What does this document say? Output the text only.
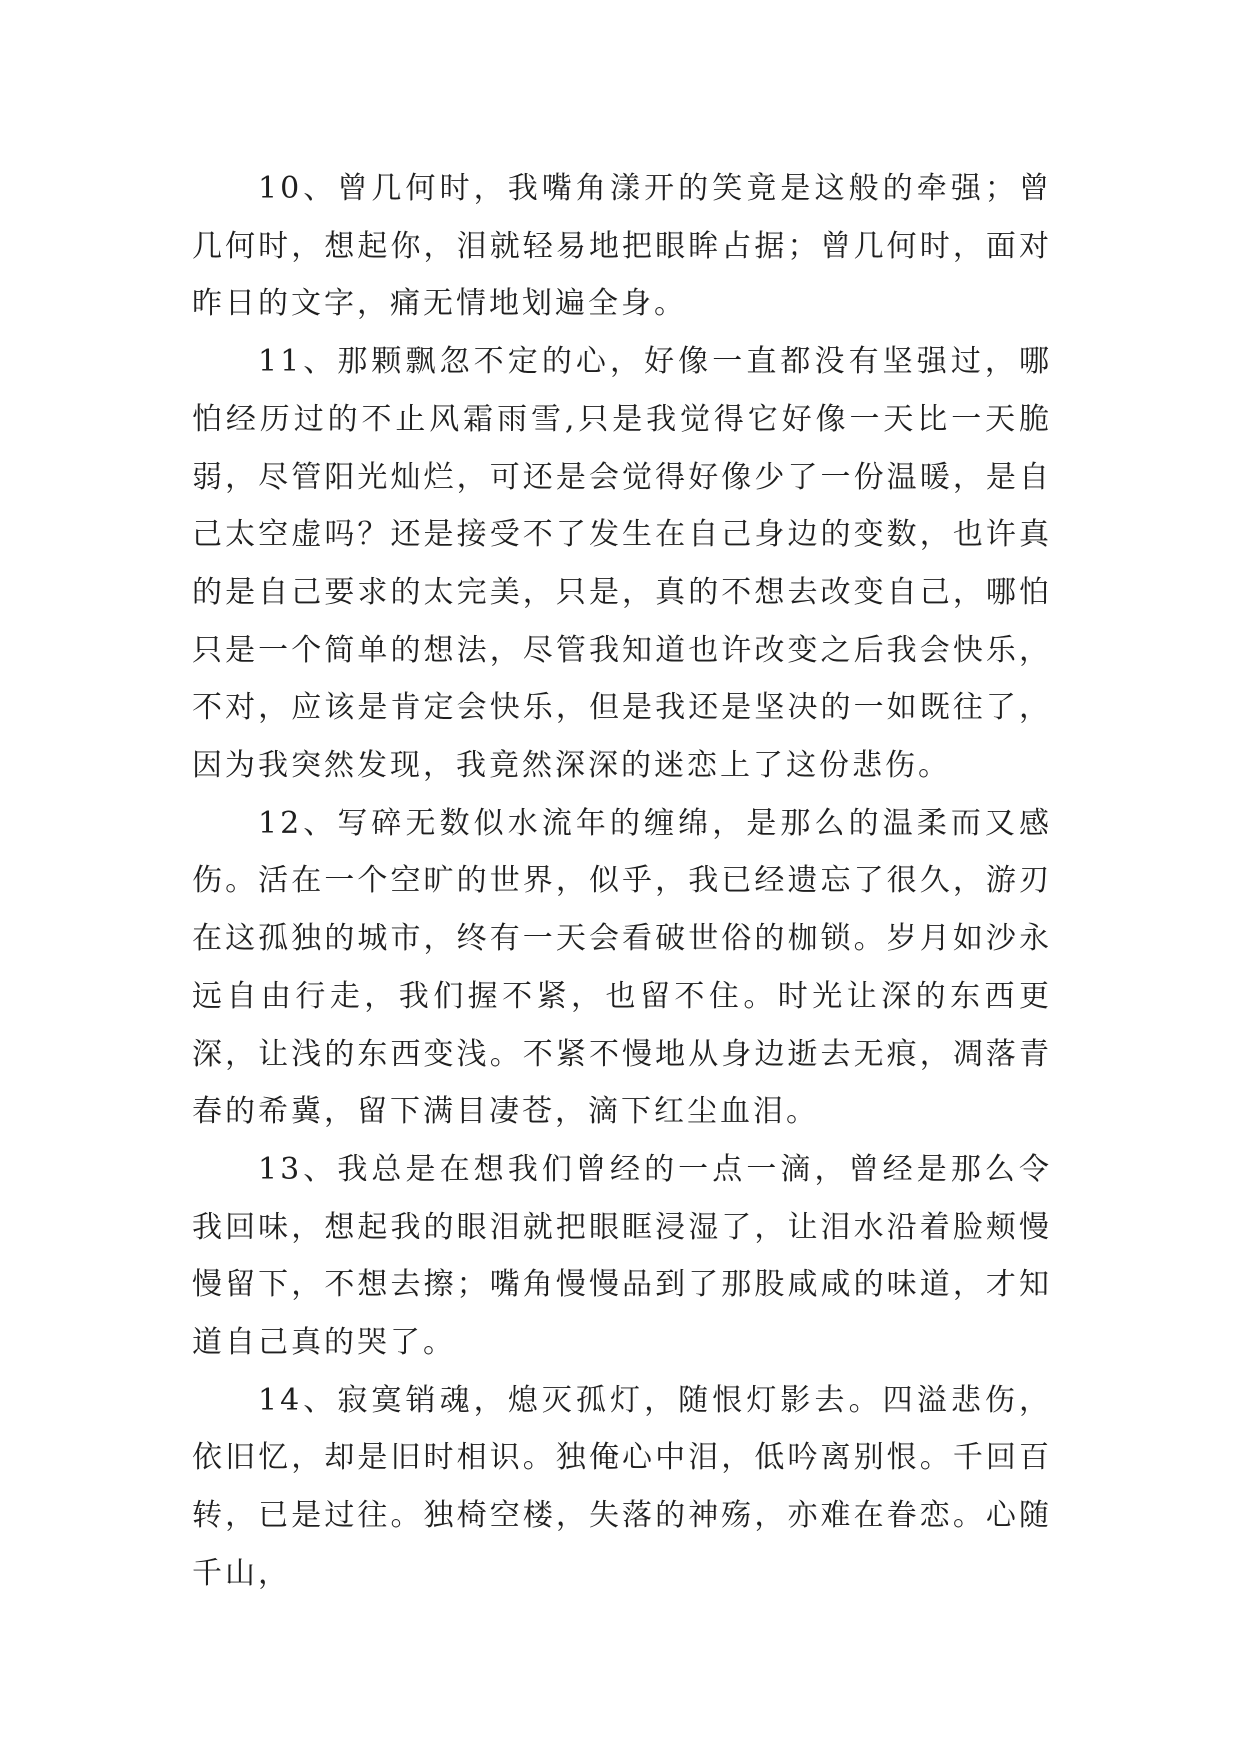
10、曾几何时，我嘴角漾开的笑竟是这般的牵强；曾几何时，想起你，泪就轻易地把眼眸占据；曾几何时，面对昨日的文字，痛无情地划遍全身。

11、那颗飘忽不定的心，好像一直都没有坚强过，哪怕经历过的不止风霜雨雪,只是我觉得它好像一天比一天脆弱，尽管阳光灿烂，可还是会觉得好像少了一份温暖，是自己太空虚吗？还是接受不了发生在自己身边的变数，也许真的是自己要求的太完美，只是，真的不想去改变自己，哪怕只是一个简单的想法，尽管我知道也许改变之后我会快乐，不对，应该是肯定会快乐，但是我还是坚决的一如既往了，因为我突然发现，我竟然深深的迷恋上了这份悲伤。

12、写碎无数似水流年的缠绵，是那么的温柔而又感伤。活在一个空旷的世界，似乎，我已经遗忘了很久，游刃在这孤独的城市，终有一天会看破世俗的枷锁。岁月如沙永远自由行走，我们握不紧，也留不住。时光让深的东西更深，让浅的东西变浅。不紧不慢地从身边逝去无痕，凋落青春的希冀，留下满目凄苍，滴下红尘血泪。

13、我总是在想我们曾经的一点一滴，曾经是那么令我回味，想起我的眼泪就把眼眶浸湿了，让泪水沿着脸颊慢慢留下，不想去擦；嘴角慢慢品到了那股咸咸的味道，才知道自己真的哭了。

14、寂寞销魂，熄灭孤灯，随恨灯影去。四溢悲伤，依旧忆，却是旧时相识。独俺心中泪，低吟离别恨。千回百转，已是过往。独椅空楼，失落的神殇，亦难在眷恋。心随千山，
